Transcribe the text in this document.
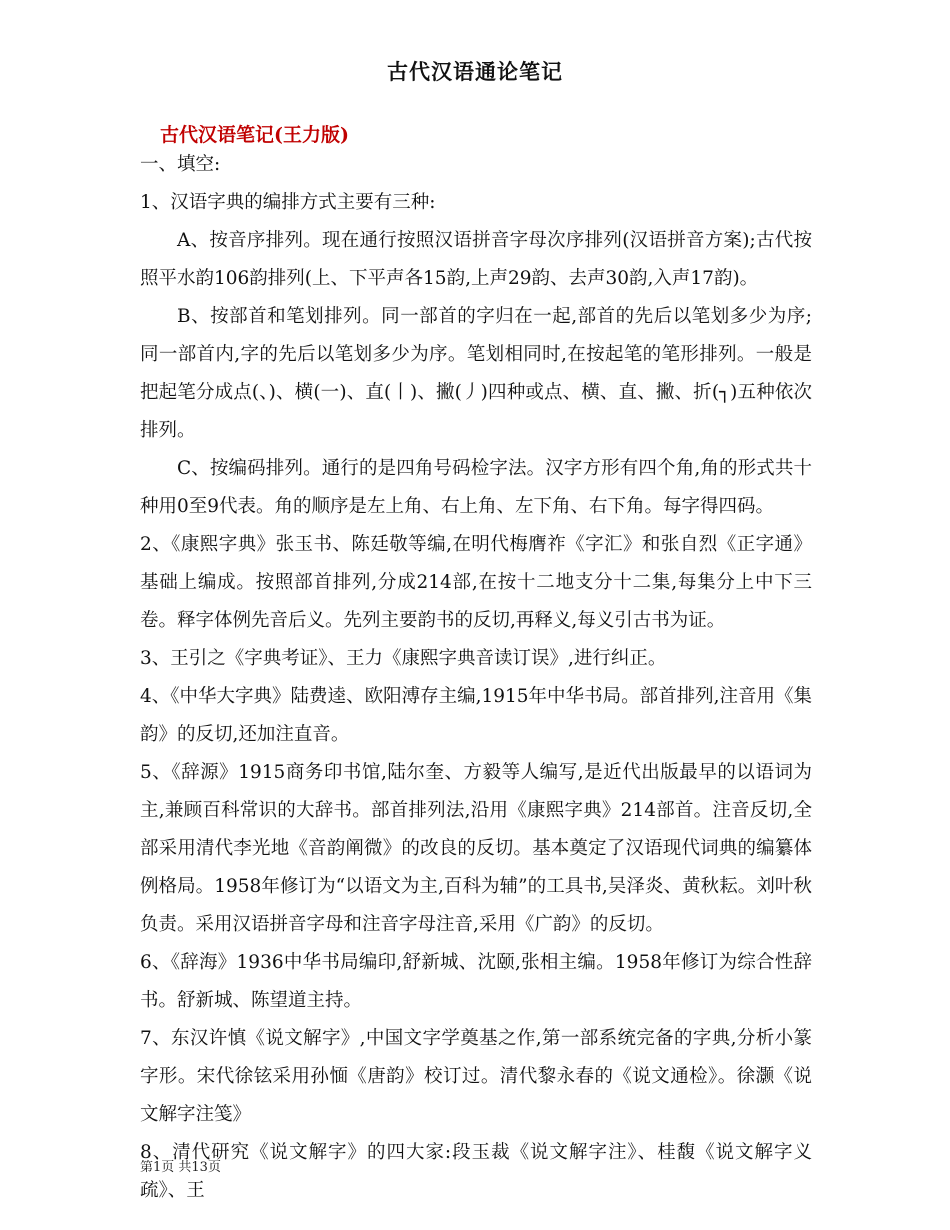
古代汉语通论笔记
古代汉语笔记(王力版)

一、填空:

1、汉语字典的编排方式主要有三种:

A、按音序排列。现在通行按照汉语拼音字母次序排列(汉语拼音方案);古代按照平水韵106韵排列(上、下平声各15韵,上声29韵、去声30韵,入声17韵)。

B、按部首和笔划排列。同一部首的字归在一起,部首的先后以笔划多少为序;同一部首内,字的先后以笔划多少为序。笔划相同时,在按起笔的笔形排列。一般是把起笔分成点(、)、横(一)、直(丨)、撇(丿)四种或点、横、直、撇、折(┐)五种依次排列。

C、按编码排列。通行的是四角号码检字法。汉字方形有四个角,角的形式共十种用0至9代表。角的顺序是左上角、右上角、左下角、右下角。每字得四码。

2、《康熙字典》张玉书、陈廷敬等编,在明代梅膺祚《字汇》和张自烈《正字通》基础上编成。按照部首排列,分成214部,在按十二地支分十二集,每集分上中下三卷。释字体例先音后义。先列主要韵书的反切,再释义,每义引古书为证。

3、王引之《字典考证》、王力《康熙字典音读订误》,进行纠正。

4、《中华大字典》陆费逵、欧阳溥存主编,1915年中华书局。部首排列,注音用《集韵》的反切,还加注直音。

5、《辞源》1915商务印书馆,陆尔奎、方毅等人编写,是近代出版最早的以语词为主,兼顾百科常识的大辞书。部首排列法,沿用《康熙字典》214部首。注音反切,全部采用清代李光地《音韵阐微》的改良的反切。基本奠定了汉语现代词典的编纂体例格局。1958年修订为“以语文为主,百科为辅”的工具书,吴泽炎、黄秋耘。刘叶秋负责。采用汉语拼音字母和注音字母注音,采用《广韵》的反切。

6、《辞海》1936中华书局编印,舒新城、沈颐,张相主编。1958年修订为综合性辞书。舒新城、陈望道主持。

7、东汉许慎《说文解字》,中国文字学奠基之作,第一部系统完备的字典,分析小篆字形。宋代徐铉采用孙愐《唐韵》校订过。清代黎永春的《说文通检》。徐灏《说文解字注笺》

8、清代研究《说文解字》的四大家:段玉裁《说文解字注》、桂馥《说文解字义疏》、王

第1页 共13页
